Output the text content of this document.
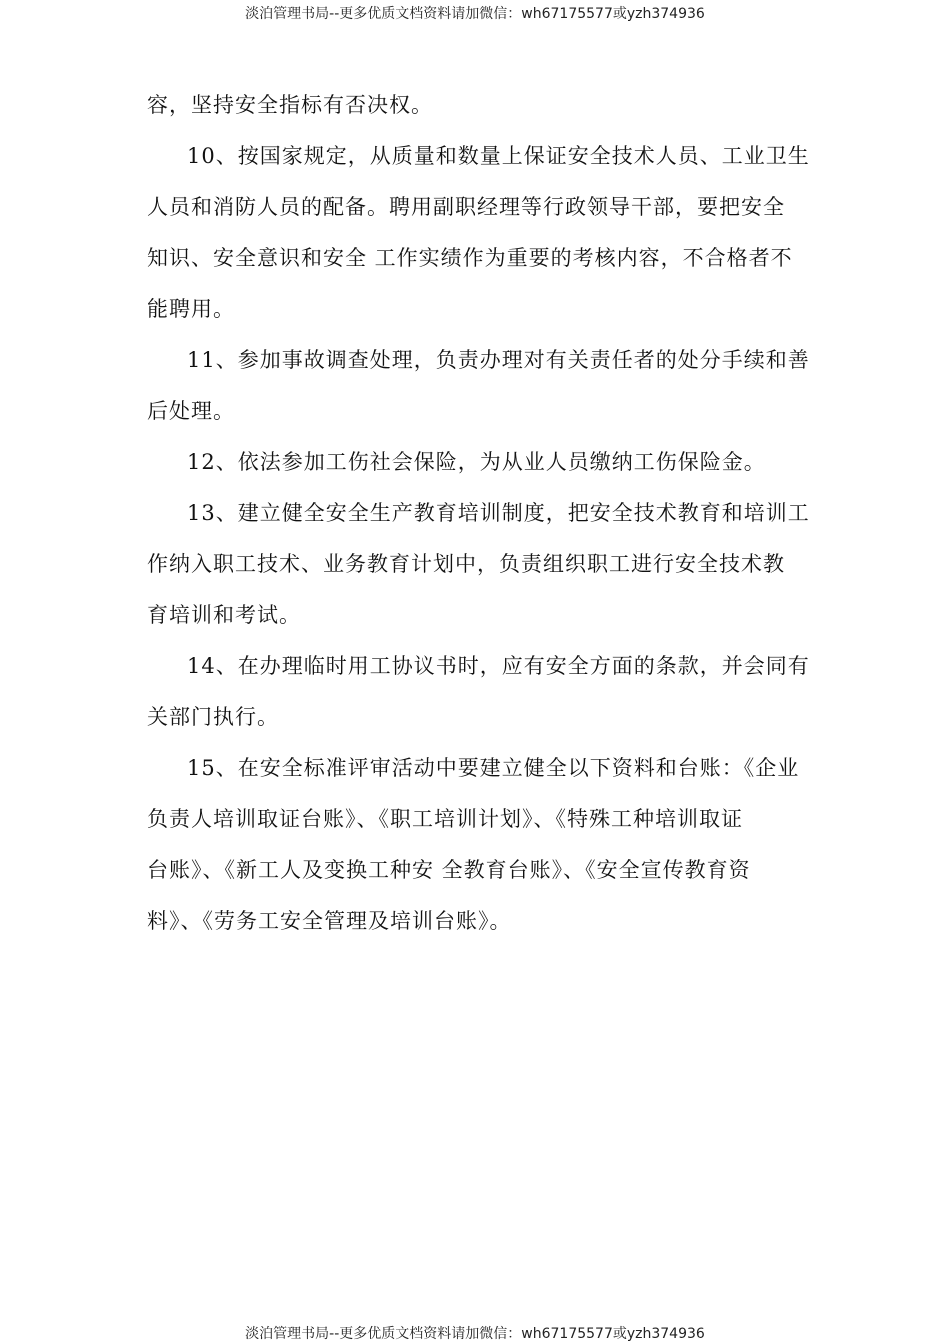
淡泊管理书局--更多优质文档资料请加微信：wh67175577或yzh374936
容，坚持安全指标有否决权。
10、按国家规定，从质量和数量上保证安全技术人员、工业卫生
人员和消防人员的配备。聘用副职经理等行政领导干部，要把安全
知识、安全意识和安全 工作实绩作为重要的考核内容，不合格者不
能聘用。
11、参加事故调查处理，负责办理对有关责任者的处分手续和善
后处理。
12、依法参加工伤社会保险，为从业人员缴纳工伤保险金。
13、建立健全安全生产教育培训制度，把安全技术教育和培训工
作纳入职工技术、业务教育计划中，负责组织职工进行安全技术教
育培训和考试。
14、在办理临时用工协议书时，应有安全方面的条款，并会同有
关部门执行。
15、在安全标准评审活动中要建立健全以下资料和台账：《企业
负责人培训取证台账》、《职工培训计划》、《特殊工种培训取证
台账》、《新工人及变换工种安 全教育台账》、《安全宣传教育资
料》、《劳务工安全管理及培训台账》。
淡泊管理书局--更多优质文档资料请加微信：wh67175577或yzh374936
